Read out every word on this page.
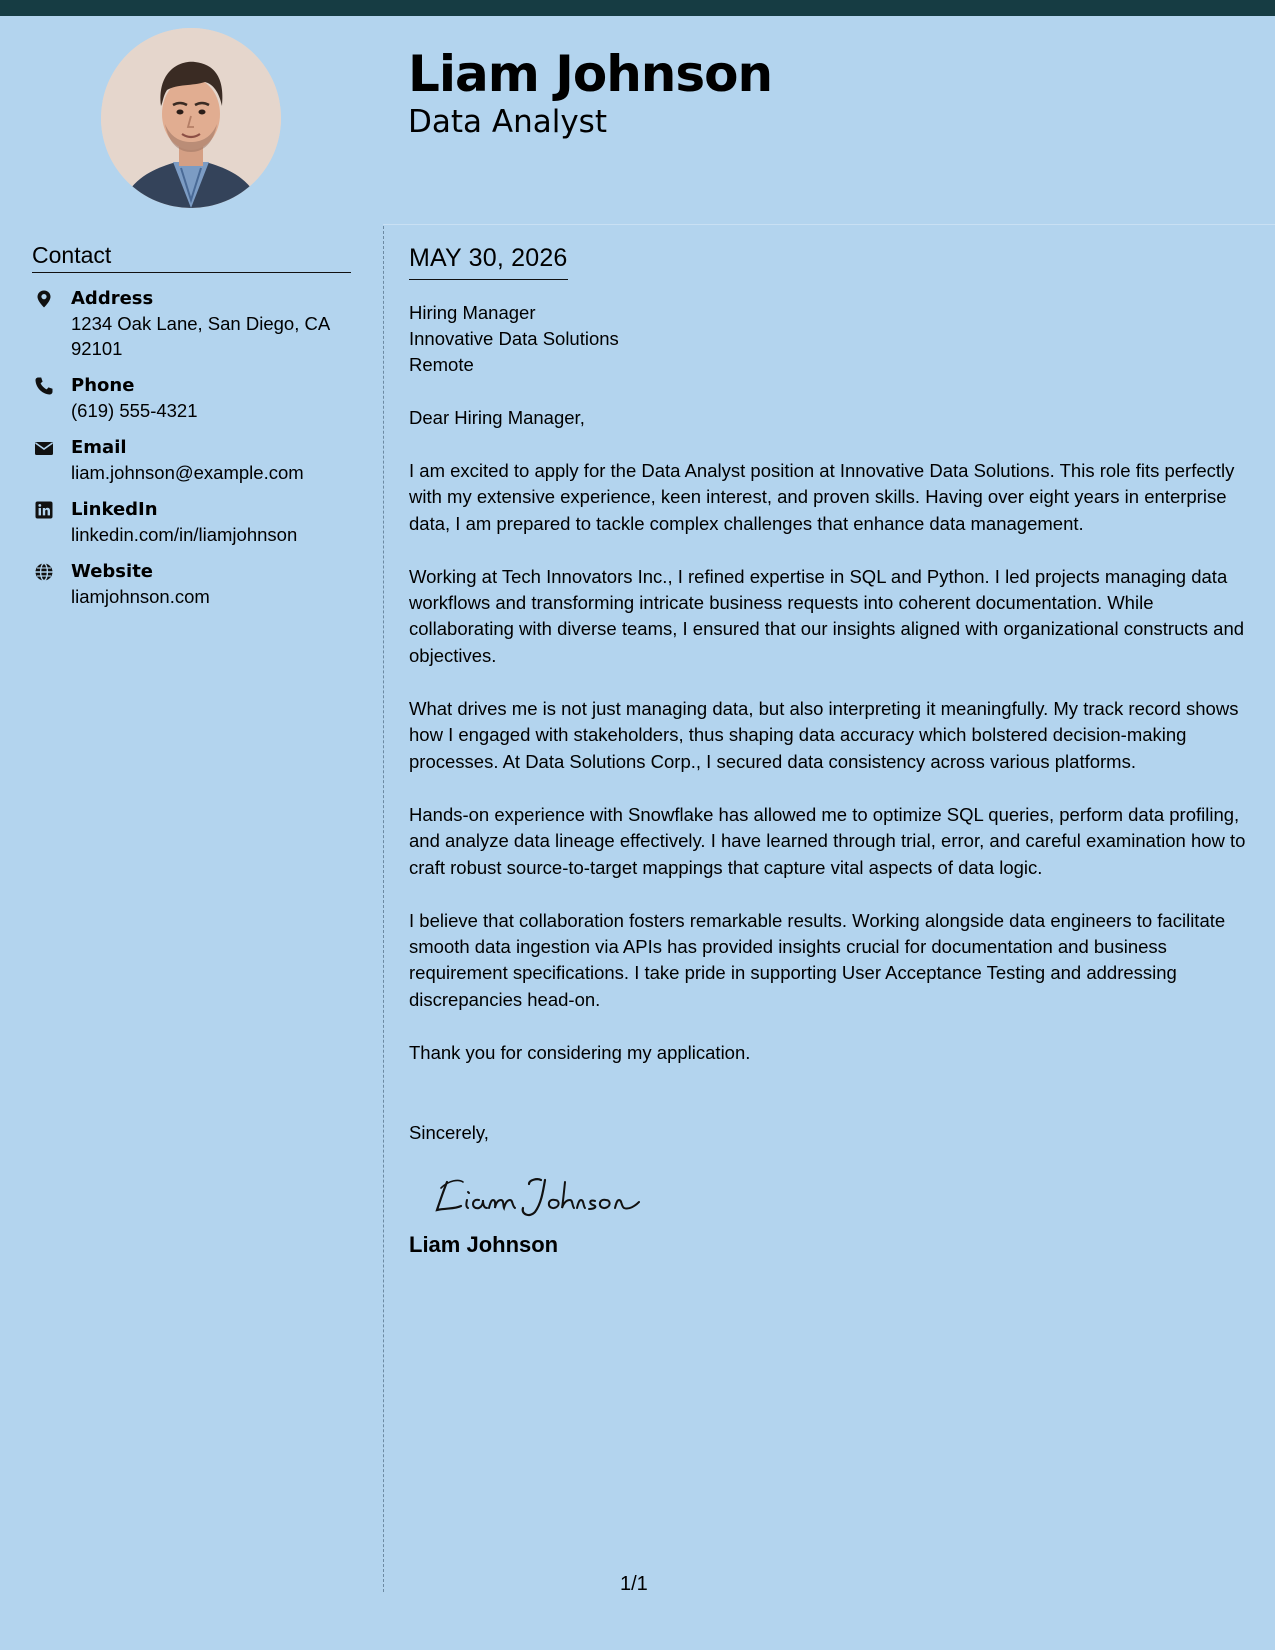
Liam Johnson
Data Analyst
Contact
Address
1234 Oak Lane, San Diego, CA 92101
Phone
(619) 555-4321
Email
liam.johnson@example.com
LinkedIn
linkedin.com/in/liamjohnson
Website
liamjohnson.com
MAY 30, 2026
Hiring Manager
Innovative Data Solutions
Remote

Dear Hiring Manager,

I am excited to apply for the Data Analyst position at Innovative Data Solutions. This role fits perfectly with my extensive experience, keen interest, and proven skills. Having over eight years in enterprise data, I am prepared to tackle complex challenges that enhance data management.

Working at Tech Innovators Inc., I refined expertise in SQL and Python. I led projects managing data workflows and transforming intricate business requests into coherent documentation. While collaborating with diverse teams, I ensured that our insights aligned with organizational constructs and objectives.

What drives me is not just managing data, but also interpreting it meaningfully. My track record shows how I engaged with stakeholders, thus shaping data accuracy which bolstered decision-making processes. At Data Solutions Corp., I secured data consistency across various platforms.

Hands-on experience with Snowflake has allowed me to optimize SQL queries, perform data profiling, and analyze data lineage effectively. I have learned through trial, error, and careful examination how to craft robust source-to-target mappings that capture vital aspects of data logic.

I believe that collaboration fosters remarkable results. Working alongside data engineers to facilitate smooth data ingestion via APIs has provided insights crucial for documentation and business requirement specifications. I take pride in supporting User Acceptance Testing and addressing discrepancies head-on.

Thank you for considering my application.

Sincerely,

Liam Johnson
1/1
